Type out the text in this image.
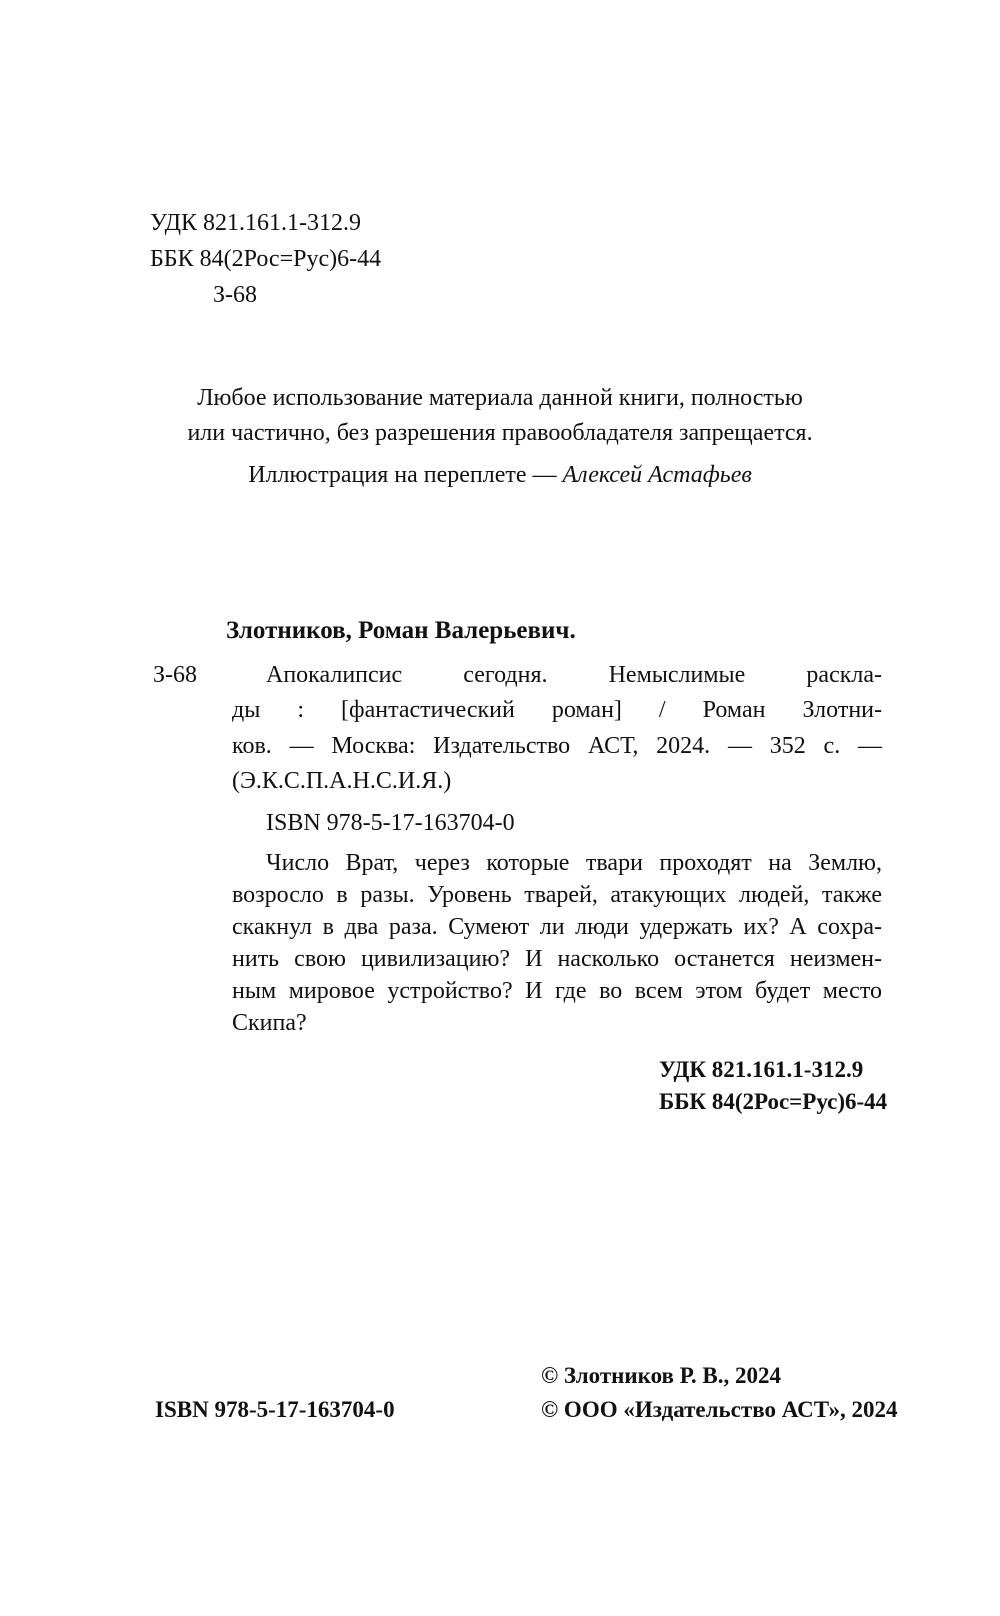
УДК 821.161.1-312.9
ББК 84(2Рос=Рус)6-44
З-68
Любое использование материала данной книги, полностью
или частично, без разрешения правообладателя запрещается.
Иллюстрация на переплете — Алексей Астафьев
Злотников, Роман Валерьевич.
З-68	Апокалипсис сегодня. Немыслимые расклa-
ды : [фантастический роман] / Роман Злотни-
ков. — Москва: Издательство АСТ, 2024. — 352 с. —
(Э.К.С.П.А.Н.С.И.Я.)
ISBN 978-5-17-163704-0
Число Врат, через которые твари проходят на Землю,
возросло в разы. Уровень тварей, атакующих людей, также
скакнул в два раза. Сумеют ли люди удержать их? А сохра-
нить свою цивилизацию? И насколько останется неизмен-
ным мировое устройство? И где во всем этом будет место
Скипа?
УДК 821.161.1-312.9
ББК 84(2Рос=Рус)6-44
ISBN 978-5-17-163704-0
© Злотников Р. В., 2024
© ООО «Издательство АСТ», 2024
